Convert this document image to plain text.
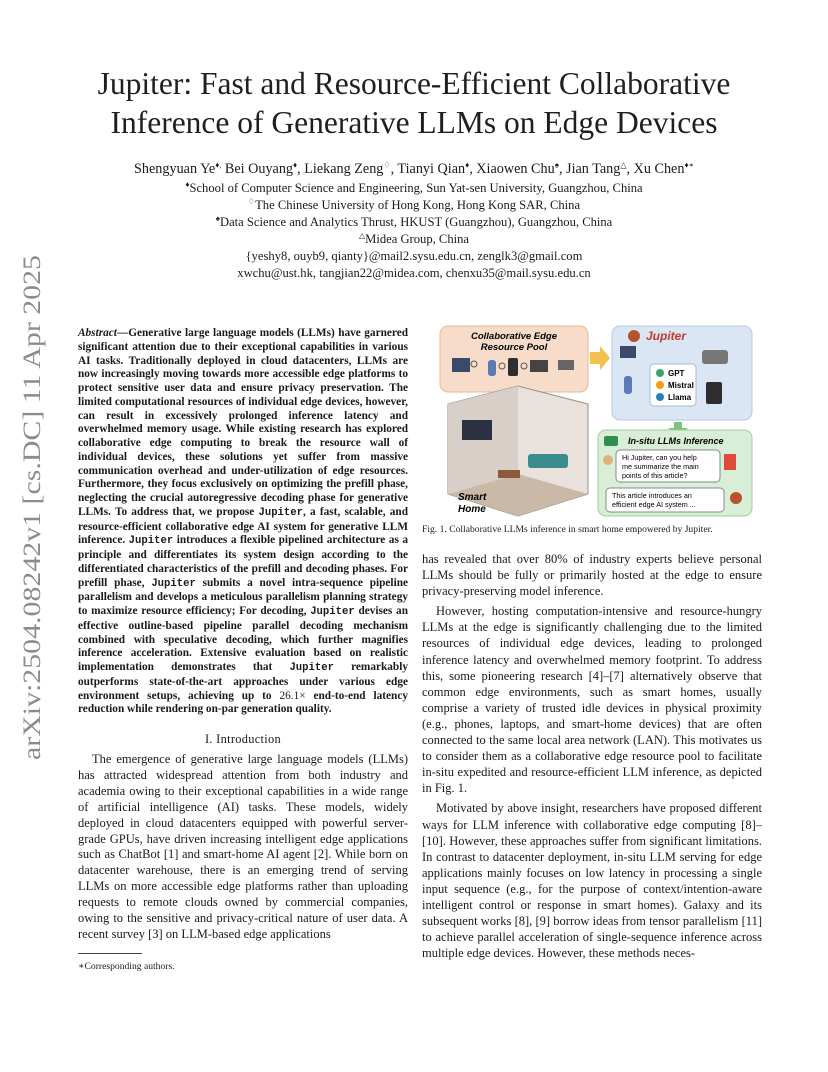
arXiv:2504.08242v1 [cs.DC] 11 Apr 2025
Jupiter: Fast and Resource-Efficient Collaborative
Inference of Generative LLMs on Edge Devices
Shengyuan Ye♦, Bei Ouyang♦, Liekang Zeng♢, Tianyi Qian♦, Xiaowen Chu♠, Jian Tang△, Xu Chen♦∗
♦School of Computer Science and Engineering, Sun Yat-sen University, Guangzhou, China
♢The Chinese University of Hong Kong, Hong Kong SAR, China
♠Data Science and Analytics Thrust, HKUST (Guangzhou), Guangzhou, China
△Midea Group, China
{yeshy8, ouyb9, qianty}@mail2.sysu.edu.cn, zenglk3@gmail.com
xwchu@ust.hk, tangjian22@midea.com, chenxu35@mail.sysu.edu.cn
Abstract—Generative large language models (LLMs) have garnered significant attention due to their exceptional capabilities in various AI tasks. Traditionally deployed in cloud datacenters, LLMs are now increasingly moving towards more accessible edge platforms to protect sensitive user data and ensure privacy preservation. The limited computational resources of individual edge devices, however, can result in excessively prolonged inference latency and overwhelmed memory usage. While existing research has explored collaborative edge computing to break the resource wall of individual devices, these solutions yet suffer from massive communication overhead and under-utilization of edge resources. Furthermore, they focus exclusively on optimizing the prefill phase, neglecting the crucial autoregressive decoding phase for generative LLMs. To address that, we propose Jupiter, a fast, scalable, and resource-efficient collaborative edge AI system for generative LLM inference. Jupiter introduces a flexible pipelined architecture as a principle and differentiates its system design according to the differentiated characteristics of the prefill and decoding phases. For prefill phase, Jupiter submits a novel intra-sequence pipeline parallelism and develops a meticulous parallelism planning strategy to maximize resource efficiency; For decoding, Jupiter devises an effective outline-based pipeline parallel decoding mechanism combined with speculative decoding, which further magnifies inference acceleration. Extensive evaluation based on realistic implementation demonstrates that Jupiter remarkably outperforms state-of-the-art approaches under various edge environment setups, achieving up to 26.1× end-to-end latency reduction while rendering on-par generation quality.
I. Introduction
The emergence of generative large language models (LLMs) has attracted widespread attention from both industry and academia owing to their exceptional capabilities in a wide range of artificial intelligence (AI) tasks. These models, widely deployed in cloud datacenters equipped with powerful server-grade GPUs, have driven increasing intelligent edge applications such as ChatBot [1] and smart-home AI agent [2]. While born on datacenter warehouse, there is an emerging trend of serving LLMs on more accessible edge platforms rather than uploading requests to remote clouds owned by commercial companies, owing to the sensitive and privacy-critical nature of user data. A recent survey [3] on LLM-based edge applications
∗Corresponding authors.
Collaborative Edge
Resource Pool
Jupiter
GPT
Mistral
Llama
In-situ LLMs Inference
Hi Jupiter, can you help
me summarize the main
points of this article?
This article introduces an
efficient edge AI system ...
Smart
Home
Fig. 1. Collaborative LLMs inference in smart home empowered by Jupiter.

has revealed that over 80% of industry experts believe personal LLMs should be fully or primarily hosted at the edge to ensure privacy-preserving model inference.

However, hosting computation-intensive and resource-hungry LLMs at the edge is significantly challenging due to the limited resources of individual edge devices, leading to prolonged inference latency and overwhelmed memory footprint. To address this, some pioneering research [4]–[7] alternatively observe that common edge environments, such as smart homes, usually comprise a variety of trusted idle devices in physical proximity (e.g., phones, laptops, and smart-home devices) that are often connected to the same local area network (LAN). This motivates us to consider them as a collaborative edge resource pool to facilitate in-situ expedited and resource-efficient LLM inference, as depicted in Fig. 1.

Motivated by above insight, researchers have proposed different ways for LLM inference with collaborative edge computing [8]–[10]. However, these approaches suffer from significant limitations. In contrast to datacenter deployment, in-situ LLM serving for edge applications mainly focuses on low latency in processing a single input sequence (e.g., for the purpose of context/intention-aware intelligent control or response in smart homes). Galaxy and its subsequent works [8], [9] borrow ideas from tensor parallelism [11] to achieve parallel acceleration of single-sequence inference across multiple edge devices. However, these methods neces-
